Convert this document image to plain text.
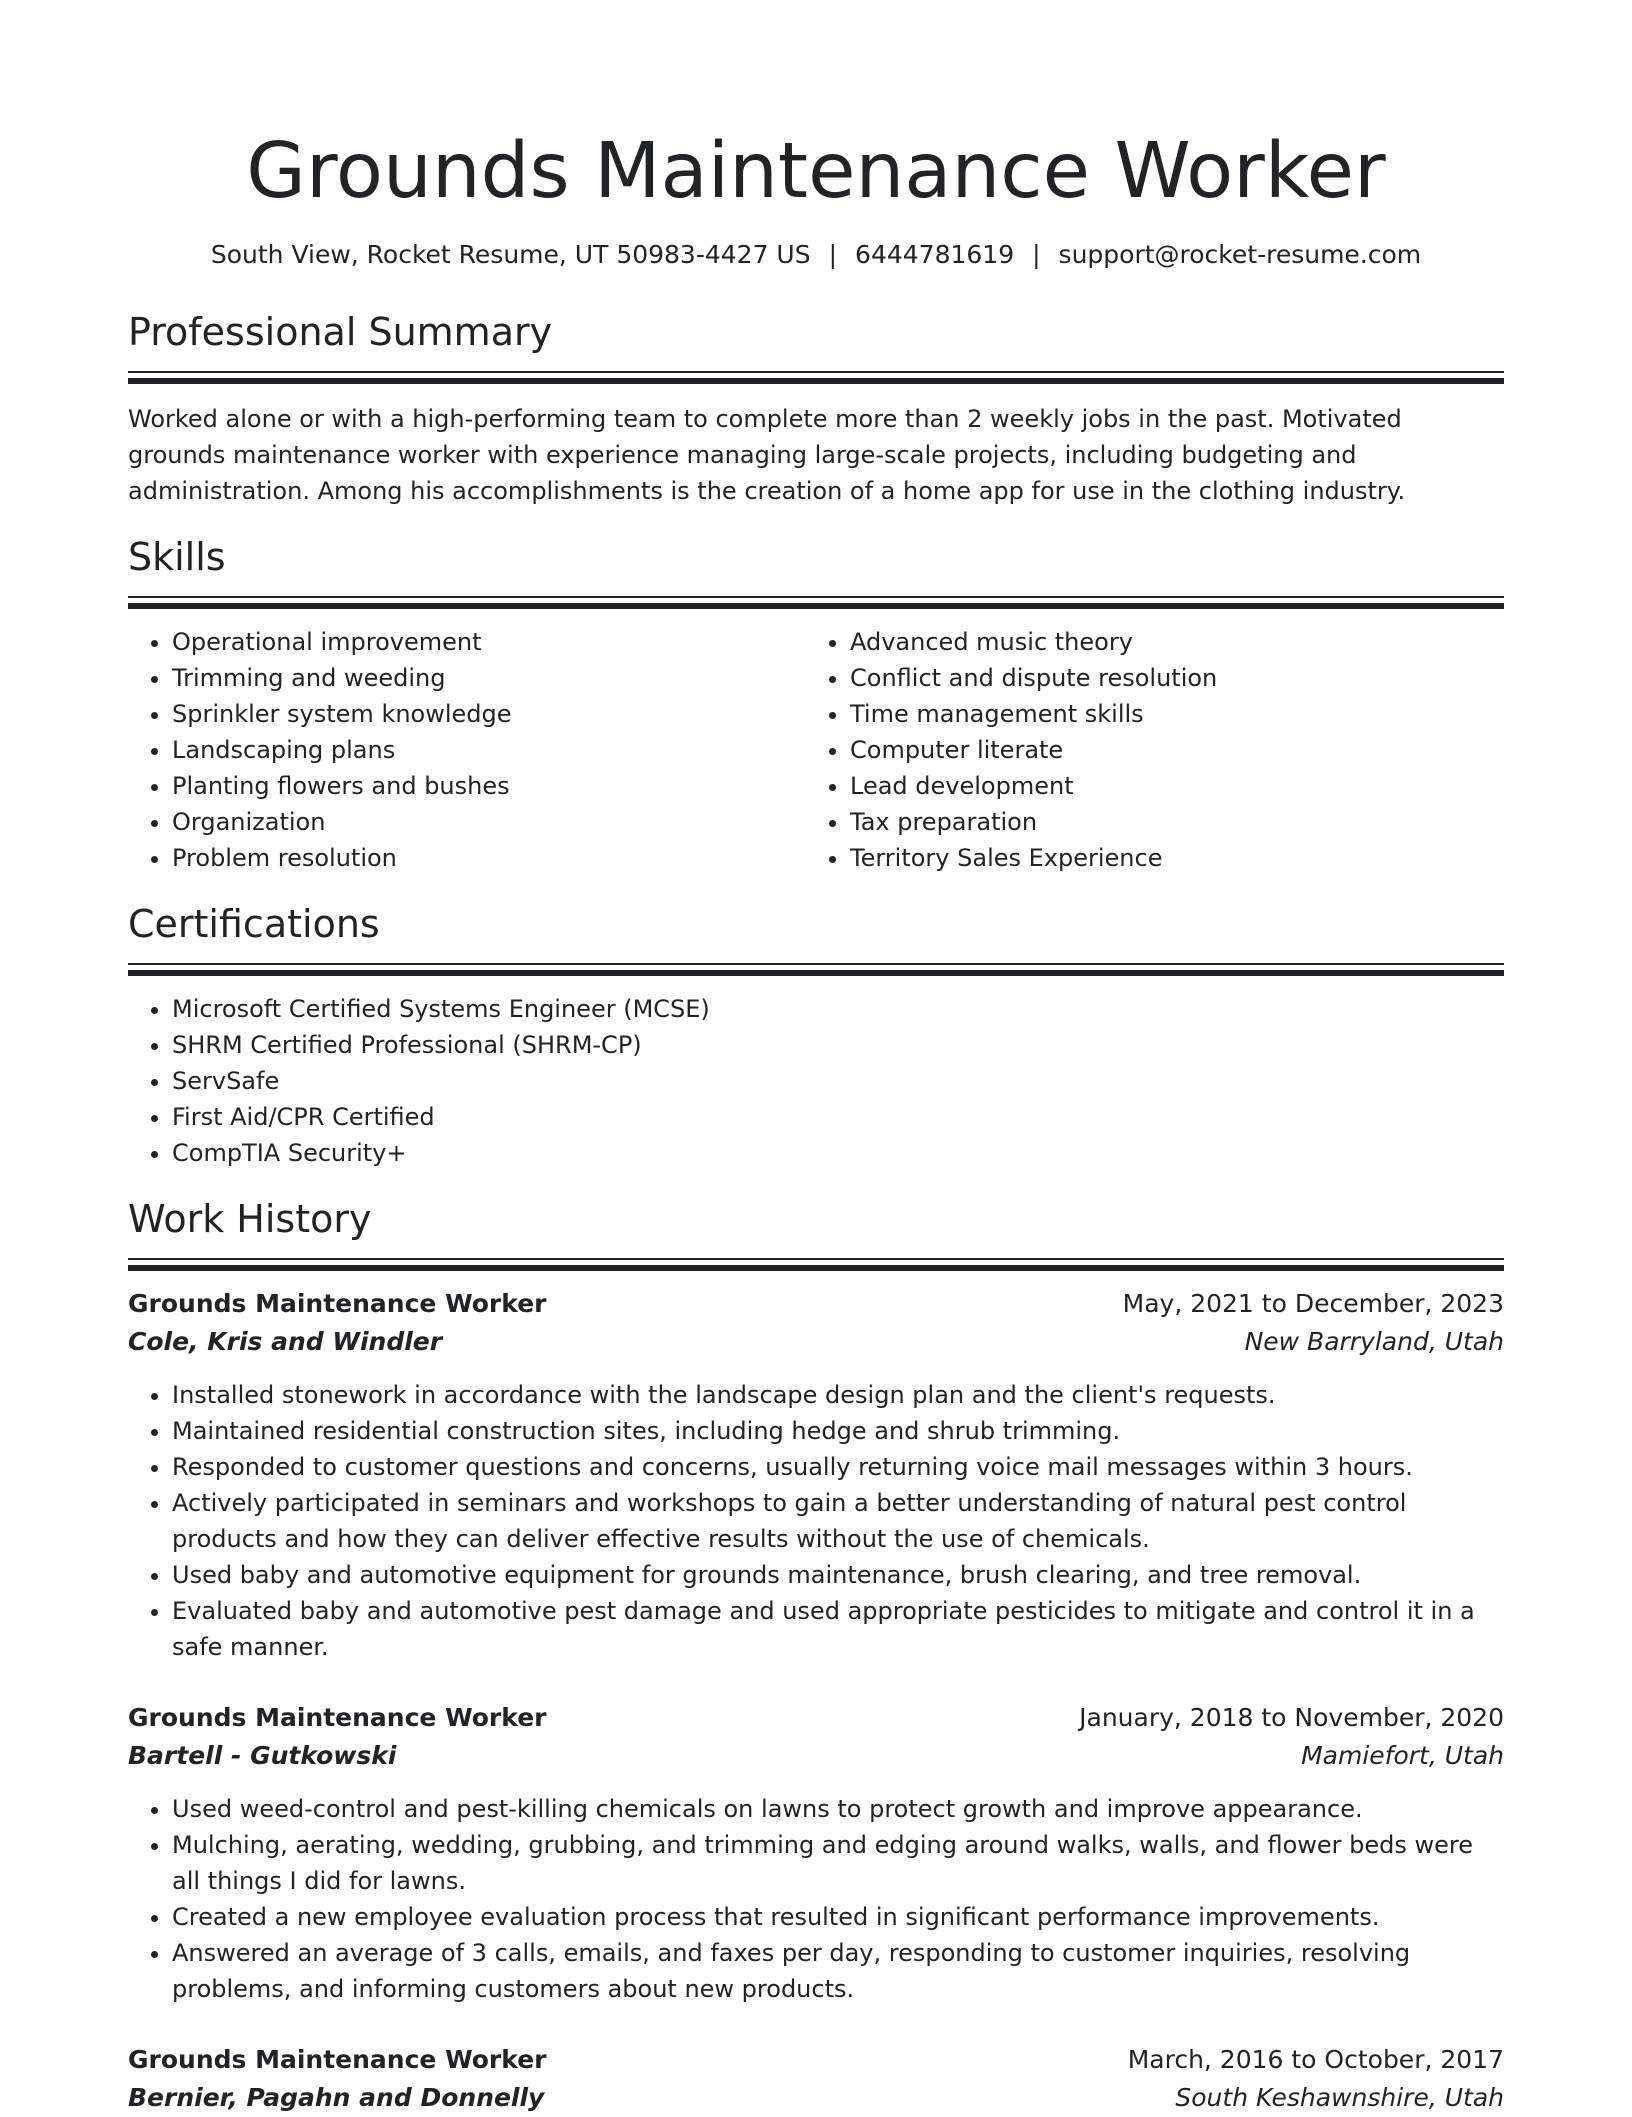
Grounds Maintenance Worker
South View, Rocket Resume, UT 50983-4427 US | 6444781619 | support@rocket-resume.com
Professional Summary

Worked alone or with a high-performing team to complete more than 2 weekly jobs in the past. Motivated grounds maintenance worker with experience managing large-scale projects, including budgeting and administration. Among his accomplishments is the creation of a home app for use in the clothing industry.

Skills
• Operational improvement
• Trimming and weeding
• Sprinkler system knowledge
• Landscaping plans
• Planting flowers and bushes
• Organization
• Problem resolution
• Advanced music theory
• Conflict and dispute resolution
• Time management skills
• Computer literate
• Lead development
• Tax preparation
• Territory Sales Experience
Certifications
• Microsoft Certified Systems Engineer (MCSE)
• SHRM Certified Professional (SHRM-CP)
• ServSafe
• First Aid/CPR Certified
• CompTIA Security+
Work History
Grounds Maintenance Worker	May, 2021 to December, 2023
Cole, Kris and Windler	New Barryland, Utah
• Installed stonework in accordance with the landscape design plan and the client's requests.
• Maintained residential construction sites, including hedge and shrub trimming.
• Responded to customer questions and concerns, usually returning voice mail messages within 3 hours.
• Actively participated in seminars and workshops to gain a better understanding of natural pest control products and how they can deliver effective results without the use of chemicals.
• Used baby and automotive equipment for grounds maintenance, brush clearing, and tree removal.
• Evaluated baby and automotive pest damage and used appropriate pesticides to mitigate and control it in a safe manner.
Grounds Maintenance Worker	January, 2018 to November, 2020
Bartell - Gutkowski	Mamiefort, Utah
• Used weed-control and pest-killing chemicals on lawns to protect growth and improve appearance.
• Mulching, aerating, wedding, grubbing, and trimming and edging around walks, walls, and flower beds were all things I did for lawns.
• Created a new employee evaluation process that resulted in significant performance improvements.
• Answered an average of 3 calls, emails, and faxes per day, responding to customer inquiries, resolving problems, and informing customers about new products.
Grounds Maintenance Worker	March, 2016 to October, 2017
Bernier, Pagahn and Donnelly	South Keshawnshire, Utah
